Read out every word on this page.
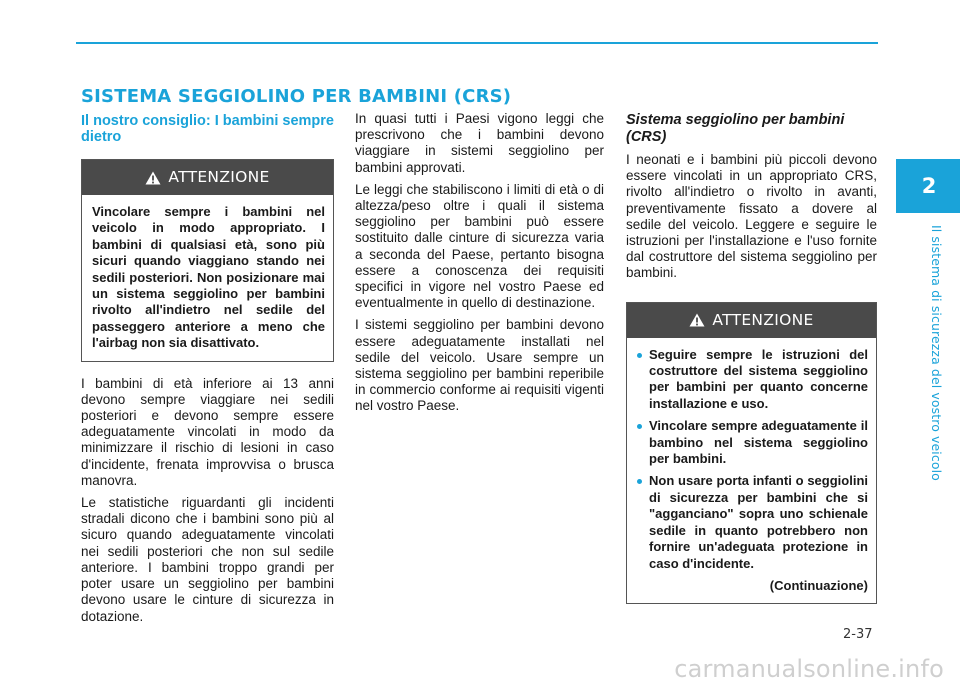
SISTEMA SEGGIOLINO PER BAMBINI (CRS)
2
Il sistema di sicurezza del vostro veicolo
Il nostro consiglio: I bambini sempre dietro
ATTENZIONE
Vincolare sempre i bambini nel veicolo in modo appropriato. I bambini di qualsiasi età, sono più sicuri quando viaggiano stando nei sedili posteriori. Non posizionare mai un sistema seggiolino per bambini rivolto all'indietro nel sedile del passeggero anteriore a meno che l'airbag non sia disattivato.

I bambini di età inferiore ai 13 anni devono sempre viaggiare nei sedili posteriori e devono sempre essere adeguatamente vincolati in modo da minimizzare il rischio di lesioni in caso d'incidente, frenata improvvisa o brusca manovra.

Le statistiche riguardanti gli incidenti stradali dicono che i bambini sono più al sicuro quando adeguatamente vincolati nei sedili posteriori che non sul sedile anteriore. I bambini troppo grandi per poter usare un seggiolino per bambini devono usare le cinture di sicurezza in dotazione.

In quasi tutti i Paesi vigono leggi che prescrivono che i bambini devono viaggiare in sistemi seggiolino per bambini approvati.

Le leggi che stabiliscono i limiti di età o di altezza/peso oltre i quali il sistema seggiolino per bambini può essere sostituito dalle cinture di sicurezza varia a seconda del Paese, pertanto bisogna essere a conoscenza dei requisiti specifici in vigore nel vostro Paese ed eventualmente in quello di destinazione.

I sistemi seggiolino per bambini devono essere adeguatamente installati nel sedile del veicolo. Usare sempre un sistema seggiolino per bambini reperibile in commercio conforme ai requisiti vigenti nel vostro Paese.

Sistema seggiolino per bambini (CRS)

I neonati e i bambini più piccoli devono essere vincolati in un appropriato CRS, rivolto all'indietro o rivolto in avanti, preventivamente fissato a dovere al sedile del veicolo. Leggere e seguire le istruzioni per l'installazione e l'uso fornite dal costruttore del sistema seggiolino per bambini.

ATTENZIONE
Seguire sempre le istruzioni del costruttore del sistema seggiolino per bambini per quanto concerne installazione e uso.
Vincolare sempre adeguatamente il bambino nel sistema seggiolino per bambini.
Non usare porta infanti o seggiolini di sicurezza per bambini che si "agganciano" sopra uno schienale sedile in quanto potrebbero non fornire un'adeguata protezione in caso d'incidente.
(Continuazione)
2-37
carmanualsonline.info
